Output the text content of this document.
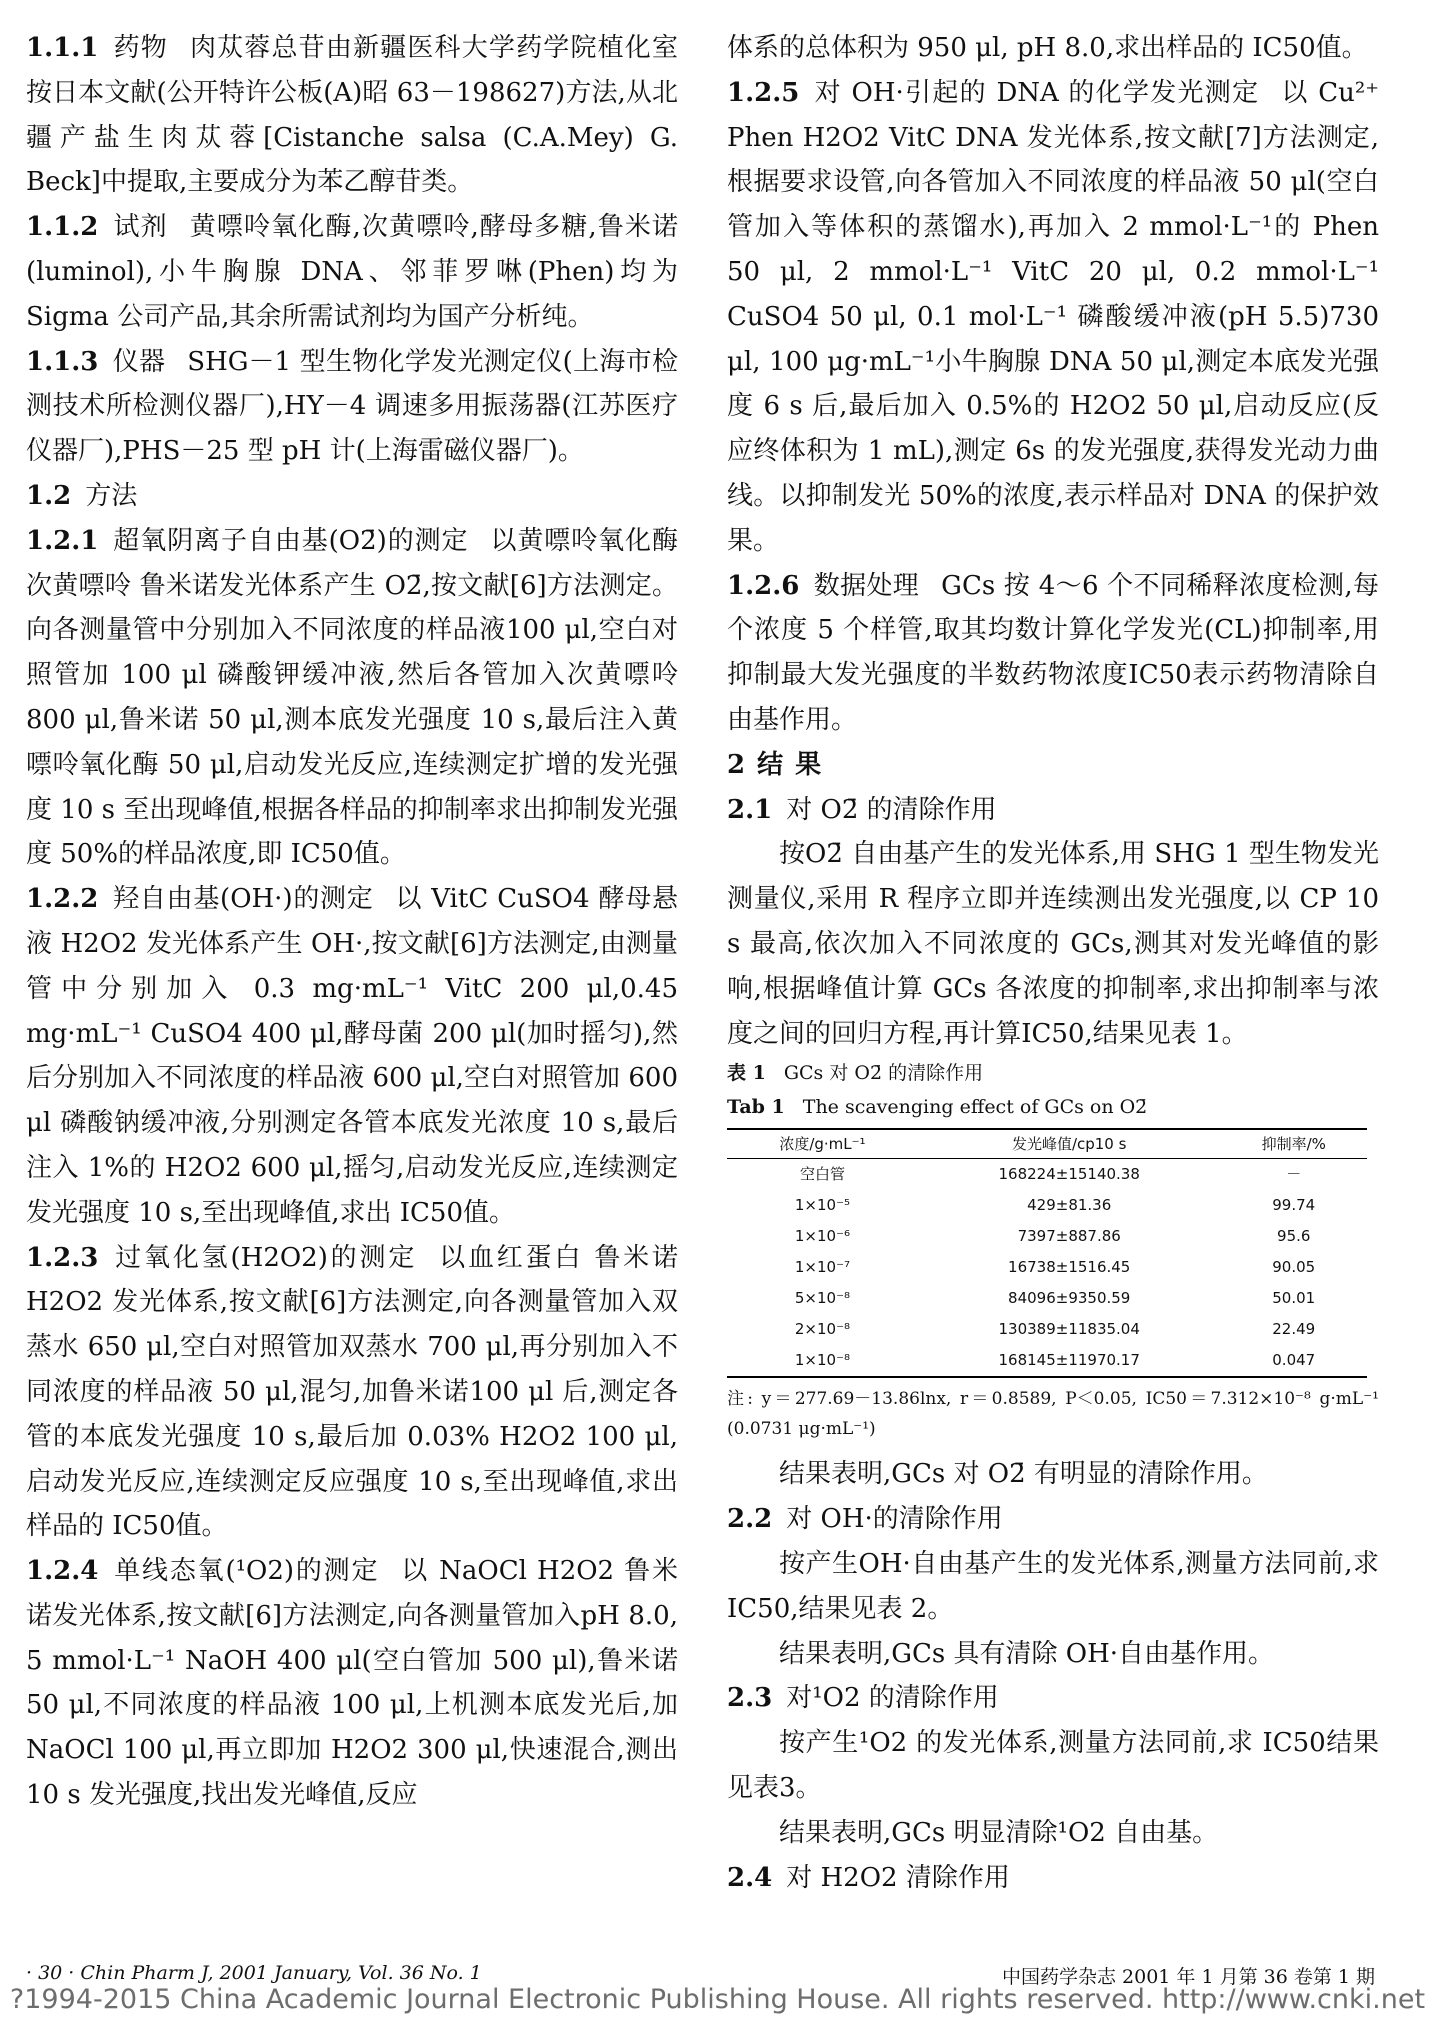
1.1.1 药物 肉苁蓉总苷由新疆医科大学药学院植化室按日本文献(公开特许公板(A)昭 63－198627)方法,从北疆产盐生肉苁蓉[Cistanche salsa (C.A.Mey) G. Beck]中提取,主要成分为苯乙醇苷类。

1.1.2 试剂 黄嘌呤氧化酶,次黄嘌呤,酵母多糖,鲁米诺(luminol),小牛胸腺 DNA、邻菲罗啉(Phen)均为Sigma 公司产品,其余所需试剂均为国产分析纯。

1.1.3 仪器 SHG－1 型生物化学发光测定仪(上海市检测技术所检测仪器厂),HY－4 调速多用振荡器(江苏医疗仪器厂),PHS－25 型 pH 计(上海雷磁仪器厂)。

1.2 方法

1.2.1 超氧阴离子自由基(O2̄)的测定 以黄嘌呤氧化酶 次黄嘌呤 鲁米诺发光体系产生 O2̄,按文献[6]方法测定。向各测量管中分别加入不同浓度的样品液100 μl,空白对照管加 100 μl 磷酸钾缓冲液,然后各管加入次黄嘌呤 800 μl,鲁米诺 50 μl,测本底发光强度 10 s,最后注入黄嘌呤氧化酶 50 μl,启动发光反应,连续测定扩增的发光强度 10 s 至出现峰值,根据各样品的抑制率求出抑制发光强度 50%的样品浓度,即 IC50值。

1.2.2 羟自由基(OH·)的测定 以 VitC CuSO4 酵母悬液 H2O2 发光体系产生 OH·,按文献[6]方法测定,由测量管中分别加入 0.3 mg·mL⁻¹ VitC 200 μl,0.45 mg·mL⁻¹ CuSO4 400 μl,酵母菌 200 μl(加时摇匀),然后分别加入不同浓度的样品液 600 μl,空白对照管加 600 μl 磷酸钠缓冲液,分别测定各管本底发光浓度 10 s,最后注入 1%的 H2O2 600 μl,摇匀,启动发光反应,连续测定发光强度 10 s,至出现峰值,求出 IC50值。

1.2.3 过氧化氢(H2O2)的测定 以血红蛋白 鲁米诺 H2O2 发光体系,按文献[6]方法测定,向各测量管加入双蒸水 650 μl,空白对照管加双蒸水 700 μl,再分别加入不同浓度的样品液 50 μl,混匀,加鲁米诺100 μl 后,测定各管的本底发光强度 10 s,最后加 0.03% H2O2 100 μl,启动发光反应,连续测定反应强度 10 s,至出现峰值,求出样品的 IC50值。

1.2.4 单线态氧(¹O2)的测定 以 NaOCl H2O2 鲁米诺发光体系,按文献[6]方法测定,向各测量管加入pH 8.0, 5 mmol·L⁻¹ NaOH 400 μl(空白管加 500 μl),鲁米诺 50 μl,不同浓度的样品液 100 μl,上机测本底发光后,加 NaOCl 100 μl,再立即加 H2O2 300 μl,快速混合,测出 10 s 发光强度,找出发光峰值,反应

体系的总体积为 950 μl, pH 8.0,求出样品的 IC50值。

1.2.5 对 OH·引起的 DNA 的化学发光测定 以 Cu²⁺ Phen H2O2 VitC DNA 发光体系,按文献[7]方法测定,根据要求设管,向各管加入不同浓度的样品液 50 μl(空白管加入等体积的蒸馏水),再加入 2 mmol·L⁻¹的 Phen 50 μl, 2 mmol·L⁻¹ VitC 20 μl, 0.2 mmol·L⁻¹ CuSO4 50 μl, 0.1 mol·L⁻¹ 磷酸缓冲液(pH 5.5)730 μl, 100 μg·mL⁻¹小牛胸腺 DNA 50 μl,测定本底发光强度 6 s 后,最后加入 0.5%的 H2O2 50 μl,启动反应(反应终体积为 1 mL),测定 6s 的发光强度,获得发光动力曲线。以抑制发光 50%的浓度,表示样品对 DNA 的保护效果。

1.2.6 数据处理 GCs 按 4～6 个不同稀释浓度检测,每个浓度 5 个样管,取其均数计算化学发光(CL)抑制率,用抑制最大发光强度的半数药物浓度IC50表示药物清除自由基作用。

2 结果

2.1 对 O2̄ 的清除作用

按O2̄ 自由基产生的发光体系,用 SHG 1 型生物发光测量仪,采用 R 程序立即并连续测出发光强度,以 CP 10 s 最高,依次加入不同浓度的 GCs,测其对发光峰值的影响,根据峰值计算 GCs 各浓度的抑制率,求出抑制率与浓度之间的回归方程,再计算IC50,结果见表 1。

表 1 GCs 对 O2̄ 的清除作用
Tab 1 The scavenging effect of GCs on O2̄
浓度/g·mL⁻¹	发光峰值/cp10 s	抑制率/%
空白管	168224±15140.38	－
1×10⁻⁵	429±81.36	99.74
1×10⁻⁶	7397±887.86	95.6
1×10⁻⁷	16738±1516.45	90.05
5×10⁻⁸	84096±9350.59	50.01
2×10⁻⁸	130389±11835.04	22.49
1×10⁻⁸	168145±11970.17	0.047

注: y＝277.69－13.86lnx, r＝0.8589, P＜0.05, IC50＝7.312×10⁻⁸ g·mL⁻¹ (0.0731 μg·mL⁻¹)

结果表明,GCs 对 O2̄ 有明显的清除作用。

2.2 对 OH·的清除作用

按产生OH·自由基产生的发光体系,测量方法同前,求 IC50,结果见表 2。

结果表明,GCs 具有清除 OH·自由基作用。

2.3 对¹O2 的清除作用

按产生¹O2 的发光体系,测量方法同前,求 IC50结果见表3。

结果表明,GCs 明显清除¹O2 自由基。

2.4 对 H2O2 清除作用

· 30 · Chin Pharm J, 2001 January, Vol. 36 No. 1	中国药学杂志 2001 年 1 月第 36 卷第 1 期
?1994-2015 China Academic Journal Electronic Publishing House. All rights reserved. http://www.cnki.net
